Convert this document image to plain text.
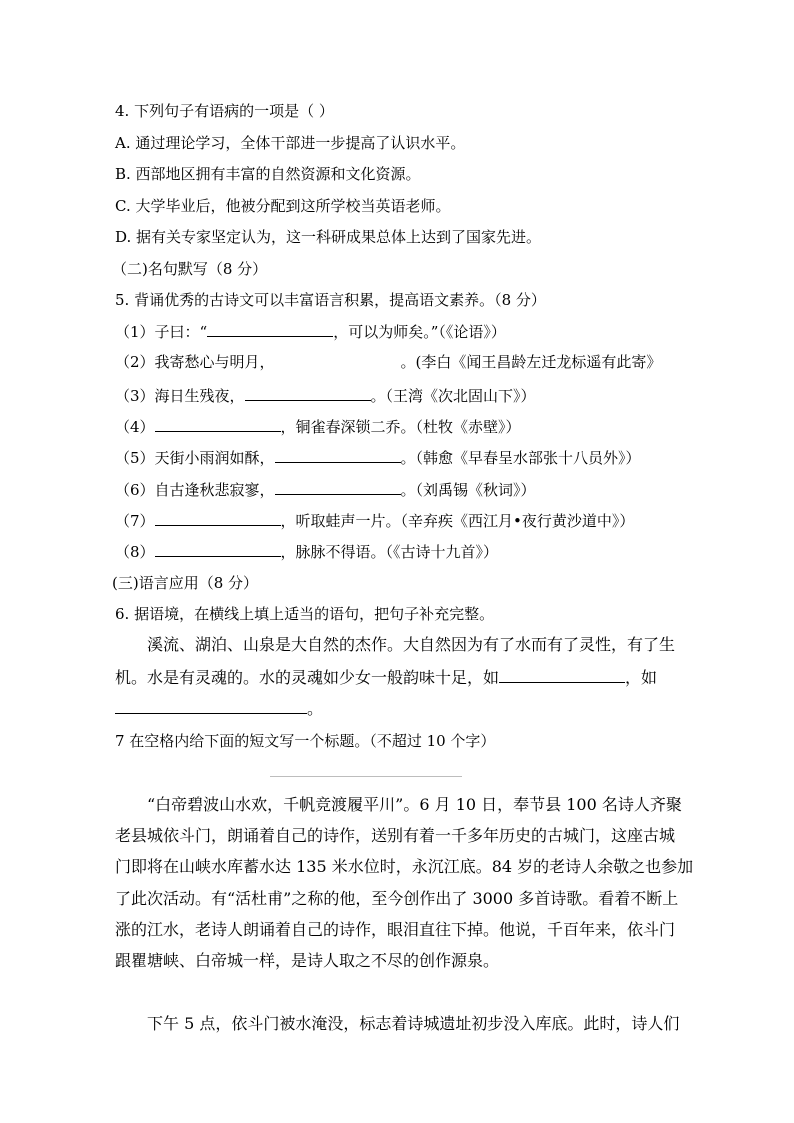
4. 下列句子有语病的一项是（ ）
A. 通过理论学习，全体干部进一步提高了认识水平。
B. 西部地区拥有丰富的自然资源和文化资源。
C. 大学毕业后，他被分配到这所学校当英语老师。
D. 据有关专家坚定认为，这一科研成果总体上达到了国家先进。
（二)名句默写（8 分）
5. 背诵优秀的古诗文可以丰富语言积累，提高语文素养。（8 分）
（1）子曰：“	，可以为师矣。”（《论语》）
（2）我寄愁心与明月，	。(李白《闻王昌龄左迁龙标遥有此寄》
（3）海日生残夜，	。（王湾《次北固山下》）
（4）	，铜雀春深锁二乔。（杜牧《赤壁》）
（5）天街小雨润如酥，	。（韩愈《早春呈水部张十八员外》）
（6）自古逢秋悲寂寥，	。（刘禹锡《秋词》）
（7）	，听取蛙声一片。（辛弃疾《西江月•夜行黄沙道中》）
（8）	，脉脉不得语。（《古诗十九首》）
(三)语言应用（8 分）
6. 据语境，在横线上填上适当的语句，把句子补充完整。
溪流、湖泊、山泉是大自然的杰作。大自然因为有了水而有了灵性，有了生
机。水是有灵魂的。水的灵魂如少女一般韵味十足，如	，如
。
7 在空格内给下面的短文写一个标题。（不超过 10 个字）
“白帝碧波山水欢，千帆竞渡履平川”。6 月 10 日，奉节县 100 名诗人齐聚
老县城依斗门，朗诵着自己的诗作，送别有着一千多年历史的古城门，这座古城
门即将在山峡水库蓄水达 135 米水位时，永沉江底。84 岁的老诗人余敬之也参加
了此次活动。有“活杜甫”之称的他，至今创作出了 3000 多首诗歌。看着不断上
涨的江水，老诗人朗诵着自己的诗作，眼泪直往下掉。他说，千百年来，依斗门
跟瞿塘峡、白帝城一样，是诗人取之不尽的创作源泉。
下午 5 点，依斗门被水淹没，标志着诗城遗址初步没入库底。此时，诗人们
